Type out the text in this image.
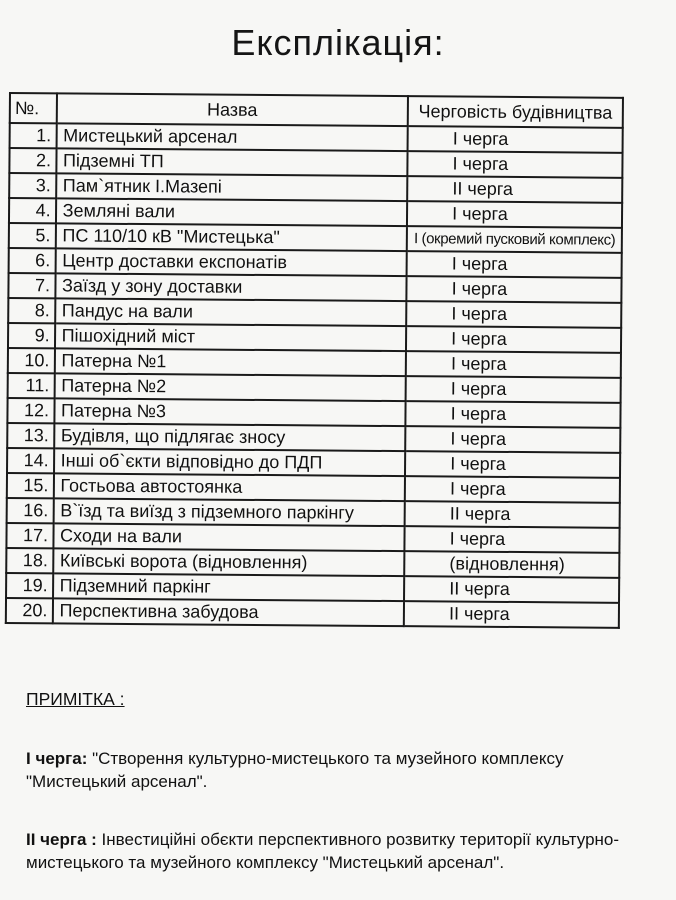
Експлікація:
№.	Назва	Черговість будівництва
1.	Мистецький арсенал	I черга
2.	Підземні ТП	I черга
3.	Пам`ятник І.Мазепі	II черга
4.	Земляні вали	I черга
5.	ПС 110/10 кВ "Мистецька"	I (окремий пусковий комплекс)
6.	Центр доставки експонатів	I черга
7.	Заїзд у зону доставки	I черга
8.	Пандус на вали	I черга
9.	Пішохідний міст	I черга
10.	Патерна №1	I черга
11.	Патерна №2	I черга
12.	Патерна №3	I черга
13.	Будівля, що підлягає зносу	I черга
14.	Інші об`єкти відповідно до ПДП	I черга
15.	Гостьова автостоянка	I черга
16.	В`їзд та виїзд з підземного паркінгу	II черга
17.	Сходи на вали	I черга
18.	Київські ворота (відновлення)	(відновлення)
19.	Підземний паркінг	II черга
20.	Перспективна забудова	II черга
ПРИМІТКА :

I черга: "Створення культурно-мистецького та музейного комплексу "Мистецький арсенал".

II черга : Інвестиційні обєкти перспективного розвитку території культурно-мистецького та музейного комплексу "Мистецький арсенал".
